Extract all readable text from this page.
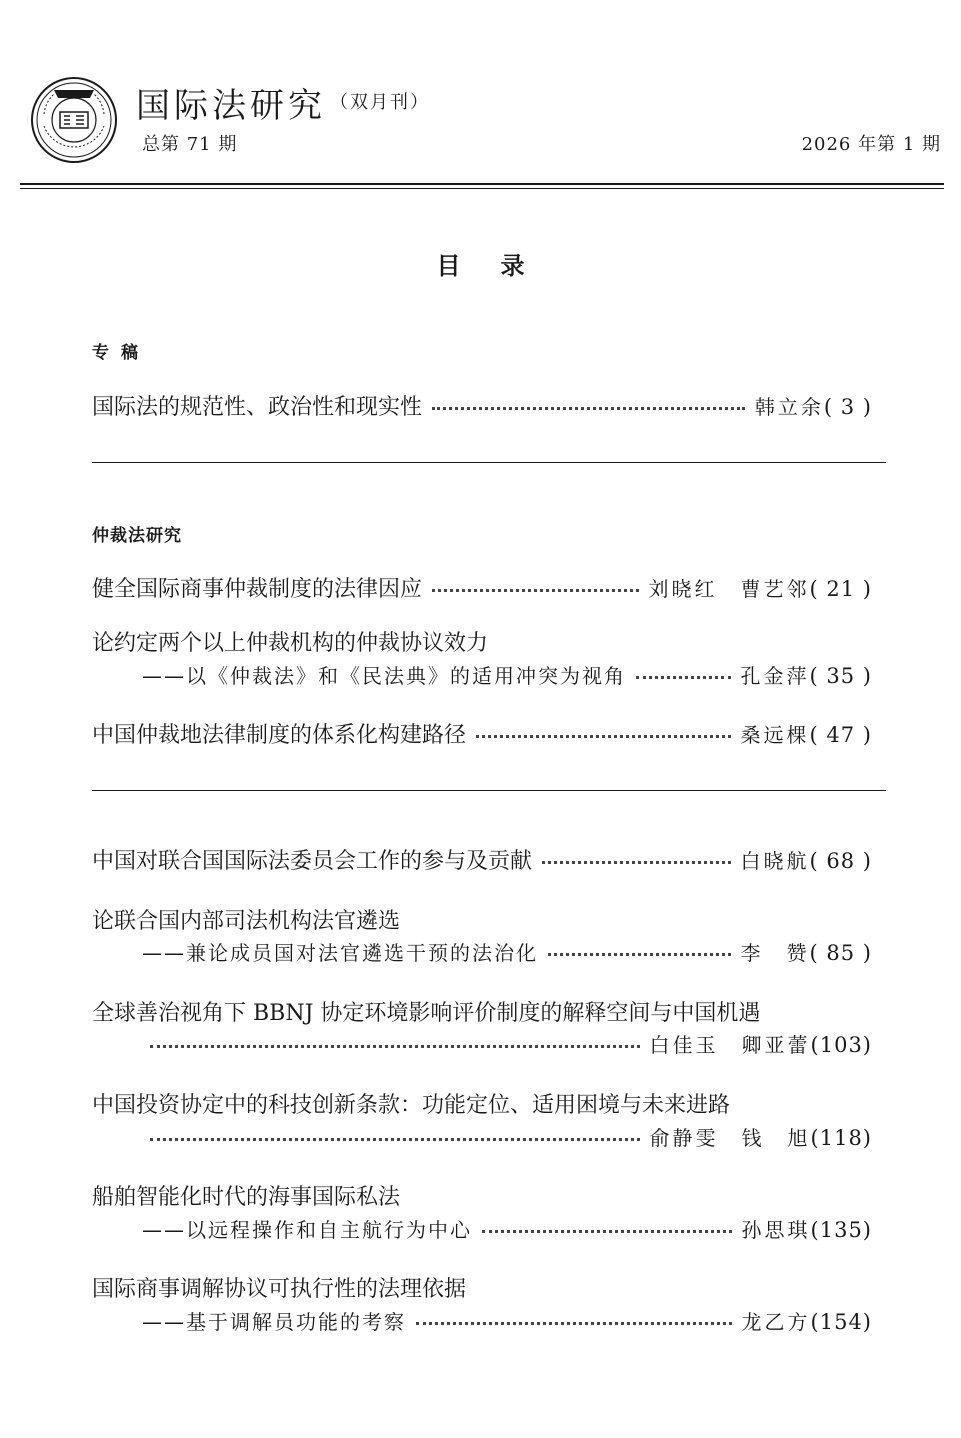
国际法研究 （双月刊）
总第 71 期	2026 年第 1 期
目录
专稿
国际法的规范性、政治性和现实性	韩立余 ( 3 )
仲裁法研究
健全国际商事仲裁制度的法律因应	刘晓红　曹艺邻 ( 21 )
论约定两个以上仲裁机构的仲裁协议效力
——以《仲裁法》和《民法典》的适用冲突为视角	孔金萍 ( 35 )
中国仲裁地法律制度的体系化构建路径	桑远棵 ( 47 )
中国对联合国国际法委员会工作的参与及贡献	白晓航 ( 68 )
论联合国内部司法机构法官遴选
——兼论成员国对法官遴选干预的法治化	李　赞 ( 85 )
全球善治视角下 BBNJ 协定环境影响评价制度的解释空间与中国机遇
白佳玉　卿亚蕾 (103)
中国投资协定中的科技创新条款：功能定位、适用困境与未来进路
俞静雯　钱　旭 (118)
船舶智能化时代的海事国际私法
——以远程操作和自主航行为中心	孙思琪 (135)
国际商事调解协议可执行性的法理依据
——基于调解员功能的考察	龙乙方 (154)
